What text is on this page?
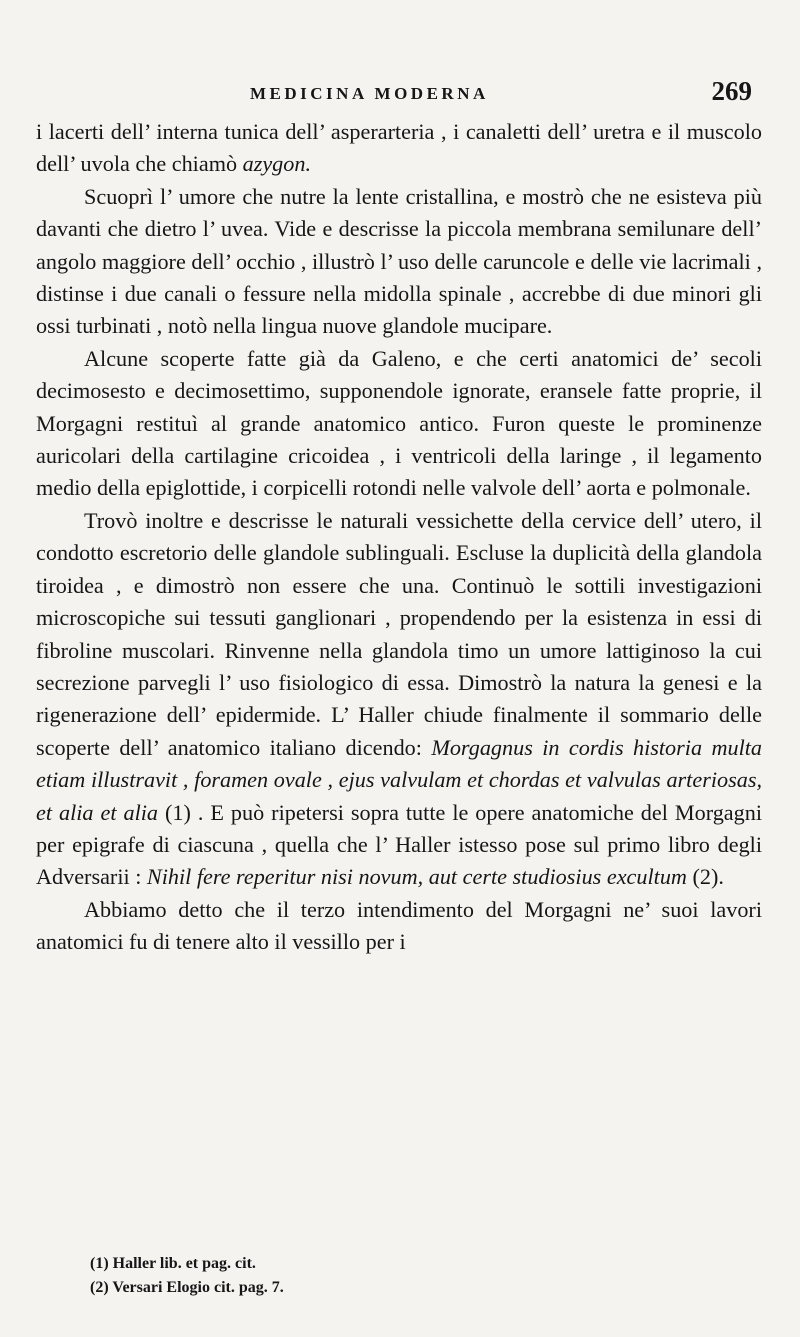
MEDICINA MODERNA	269

i lacerti dell’ interna tunica dell’ asperarteria , i canaletti dell’ uretra e il muscolo dell’ uvola che chiamò azygon.

Scuoprì l’ umore che nutre la lente cristallina, e mostrò che ne esisteva più davanti che dietro l’ uvea. Vide e descrisse la piccola membrana semilunare dell’ angolo maggiore dell’ occhio , illustrò l’ uso delle caruncole e delle vie lacrimali , distinse i due canali o fessure nella midolla spinale , accrebbe di due minori gli ossi turbinati , notò nella lingua nuove glandole mucipare.

Alcune scoperte fatte già da Galeno, e che certi anatomici de’ secoli decimosesto e decimosettimo, supponendole ignorate, eransele fatte proprie, il Morgagni restituì al grande anatomico antico. Furon queste le prominenze auricolari della cartilagine cricoidea , i ventricoli della laringe , il legamento medio della epiglottide, i corpicelli rotondi nelle valvole dell’ aorta e polmonale.

Trovò inoltre e descrisse le naturali vessichette della cervice dell’ utero, il condotto escretorio delle glandole sublinguali. Escluse la duplicità della glandola tiroidea , e dimostrò non essere che una. Continuò le sottili investigazioni microscopiche sui tessuti ganglionari , propendendo per la esistenza in essi di fibroline muscolari. Rinvenne nella glandola timo un umore lattiginoso la cui secrezione parvegli l’ uso fisiologico di essa. Dimostrò la natura la genesi e la rigenerazione dell’ epidermide. L’ Haller chiude finalmente il sommario delle scoperte dell’ anatomico italiano dicendo: Morgagnus in cordis historia multa etiam illustravit , foramen ovale , ejus valvulam et chordas et valvulas arteriosas, et alia et alia (1) . E può ripetersi sopra tutte le opere anatomiche del Morgagni per epigrafe di ciascuna , quella che l’ Haller istesso pose sul primo libro degli Adversarii : Nihil fere reperitur nisi novum, aut certe studiosius excultum (2).

Abbiamo detto che il terzo intendimento del Morgagni ne’ suoi lavori anatomici fu di tenere alto il vessillo per i

(1) Haller lib. et pag. cit.
(2) Versari Elogio cit. pag. 7.
